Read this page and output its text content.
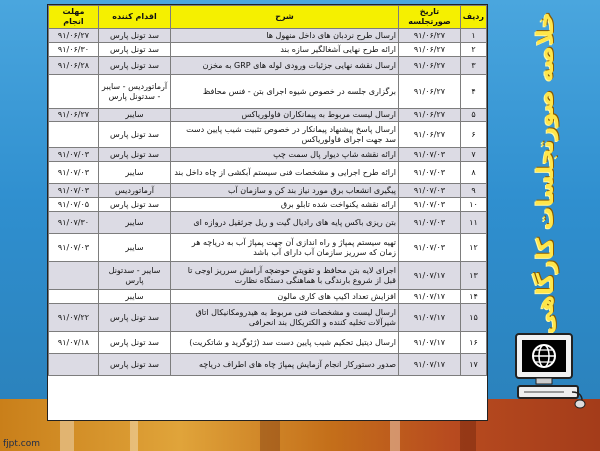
fjpt.com
ردیف	تاریخ صورتجلسه	شرح	اقدام کننده	مهلت انجام
۱	۹۱/۰۶/۲۷	ارسال طرح نردبان های داخل منهول ها	سد تونل پارس	۹۱/۰۶/۲۷
۲	۹۱/۰۶/۲۷	ارائه طرح نهایی آشغالگیر سازه بند	سد تونل پارس	۹۱/۰۶/۳۰
۳	۹۱/۰۶/۲۷	ارسال نقشه نهایی جزئیات ورودی لوله های GRP به مخزن	سد تونل پارس	۹۱/۰۶/۲۸
۴	۹۱/۰۶/۲۷	برگزاری جلسه در خصوص شیوه اجرای بتن - فنس محافظ	آرماتوردیس - سایبر - سدتونل پارس	
۵	۹۱/۰۶/۲۷	ارسال لیست مربوط به پیمانکاران فاولوریاکس	سایبر	۹۱/۰۶/۲۷
۶	۹۱/۰۶/۲۷	ارسال پاسخ پیشنهاد پیمانکار در خصوص تثبیت شیب پایین دست سد جهت اجرای فاولوریاکس	سد تونل پارس	
۷	۹۱/۰۷/۰۳	ارائه نقشه شاپ دیوار پال سمت چپ	سد تونل پارس	۹۱/۰۷/۰۳
۸	۹۱/۰۷/۰۳	ارائه طرح اجرایی و مشخصات فنی سیستم آبکشی از چاه داخل بند	سایبر	۹۱/۰۷/۰۳
۹	۹۱/۰۷/۰۳	پیگیری انشعاب برق مورد نیاز بند کن و سازمان آب	آرماتوردیس	۹۱/۰۷/۰۳
۱۰	۹۱/۰۷/۰۳	ارائه نقشه یکنواخت شده تابلو برق	سد تونل پارس	۹۱/۰۷/۰۵
۱۱	۹۱/۰۷/۰۳	بتن ریزی باکس پایه های رادیال گیت و ریل جرثقیل دروازه ای	سایبر	۹۱/۰۷/۳۰
۱۲	۹۱/۰۷/۰۳	تهیه سیستم پمپاژ و راه اندازی آن جهت پمپاژ آب به دریاچه هر زمان که سرریز سازمان آب دارای آب باشد	سایبر	۹۱/۰۷/۰۳
۱۳	۹۱/۰۷/۱۷	اجرای لایه بتن محافظ و تقویتی حوضچه آرامش سرریز اوجی تا قبل از شروع بارندگی با هماهنگی دستگاه نظارت	سایبر - سدتونل پارس	
۱۴	۹۱/۰۷/۱۷	افزایش تعداد اکیپ های کاری مالون	سایبر	
۱۵	۹۱/۰۷/۱۷	ارسال لیست و مشخصات فنی مربوط به هیدرومکانیکال اتاق شیرآلات تخلیه کننده و الکتریکال بند انحرافی	سد تونل پارس	۹۱/۰۷/۲۲
۱۶	۹۱/۰۷/۱۷	ارسال دیتیل تحکیم شیب پایین دست سد (ژئوگرید و شاتکریت)	سد تونل پارس	۹۱/۰۷/۱۸
۱۷	۹۱/۰۷/۱۷	صدور دستورکار انجام آزمایش پمپاژ چاه های اطراف دریاچه	سد تونل پارس	
خلاصه صورتجلسات کارگاهی
